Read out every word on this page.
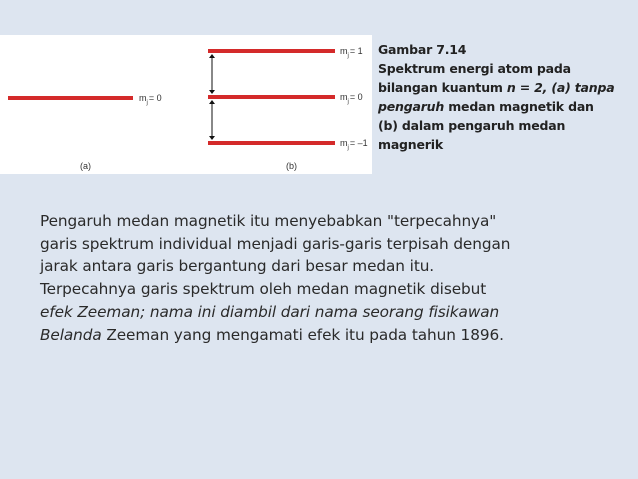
$m_j= 0$
(a)
$m_j= 1$
$m_j= 0$
$m_j= -1$
(b)
Gambar 7.14
Spektrum energi atom pada
bilangan kuantum n = 2, (a) tanpa
pengaruh medan magnetik dan
(b) dalam pengaruh medan
magnerik
Pengaruh medan magnetik itu menyebabkan "terpecahnya"
garis spektrum individual menjadi garis-garis terpisah dengan
jarak antara garis bergantung dari besar medan itu.
Terpecahnya garis spektrum oleh medan magnetik disebut
efek Zeeman; nama ini diambil dari nama seorang fisikawan
Belanda Zeeman yang mengamati efek itu pada tahun 1896.
